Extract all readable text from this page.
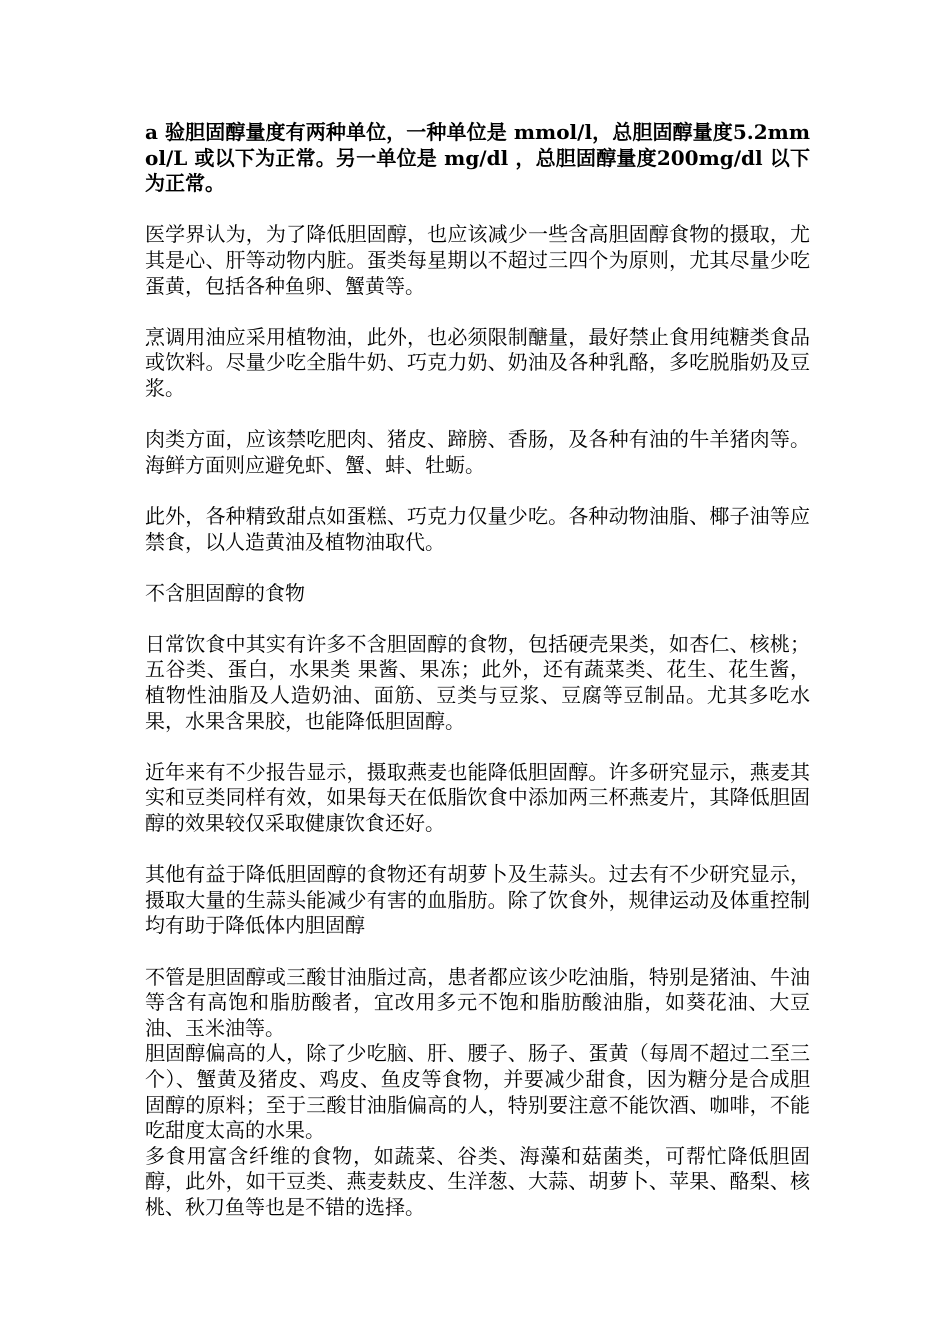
a 验胆固醇量度有两种单位，一种单位是 mmol/l，总胆固醇量度5.2mmol/L 或以下为正常。另一单位是 mg/dl ，总胆固醇量度200mg/dl 以下为正常。

医学界认为，为了降低胆固醇，也应该减少一些含高胆固醇食物的摄取，尤其是心、肝等动物内脏。蛋类每星期以不超过三四个为原则，尤其尽量少吃蛋黄，包括各种鱼卵、蟹黄等。

烹调用油应采用植物油，此外，也必须限制醣量，最好禁止食用纯糖类食品或饮料。尽量少吃全脂牛奶、巧克力奶、奶油及各种乳酪，多吃脱脂奶及豆浆。

肉类方面，应该禁吃肥肉、猪皮、蹄膀、香肠，及各种有油的牛羊猪肉等。海鲜方面则应避免虾、蟹、蚌、牡蛎。

此外，各种精致甜点如蛋糕、巧克力仅量少吃。各种动物油脂、椰子油等应禁食，以人造黄油及植物油取代。

不含胆固醇的食物

日常饮食中其实有许多不含胆固醇的食物，包括硬壳果类，如杏仁、核桃；五谷类、蛋白，水果类 果酱、果冻；此外，还有蔬菜类、花生、花生酱，植物性油脂及人造奶油、面筋、豆类与豆浆、豆腐等豆制品。尤其多吃水果，水果含果胶，也能降低胆固醇。

近年来有不少报告显示，摄取燕麦也能降低胆固醇。许多研究显示，燕麦其实和豆类同样有效，如果每天在低脂饮食中添加两三杯燕麦片，其降低胆固醇的效果较仅采取健康饮食还好。

其他有益于降低胆固醇的食物还有胡萝卜及生蒜头。过去有不少研究显示，摄取大量的生蒜头能减少有害的血脂肪。除了饮食外，规律运动及体重控制均有助于降低体内胆固醇

不管是胆固醇或三酸甘油脂过高，患者都应该少吃油脂，特别是猪油、牛油等含有高饱和脂肪酸者，宜改用多元不饱和脂肪酸油脂，如葵花油、大豆油、玉米油等。

胆固醇偏高的人，除了少吃脑、肝、腰子、肠子、蛋黄（每周不超过二至三个）、蟹黄及猪皮、鸡皮、鱼皮等食物，并要减少甜食，因为糖分是合成胆固醇的原料；至于三酸甘油脂偏高的人，特别要注意不能饮酒、咖啡，不能吃甜度太高的水果。

多食用富含纤维的食物，如蔬菜、谷类、海藻和菇菌类，可帮忙降低胆固醇，此外，如干豆类、燕麦麸皮、生洋葱、大蒜、胡萝卜、苹果、酪梨、核桃、秋刀鱼等也是不错的选择。
